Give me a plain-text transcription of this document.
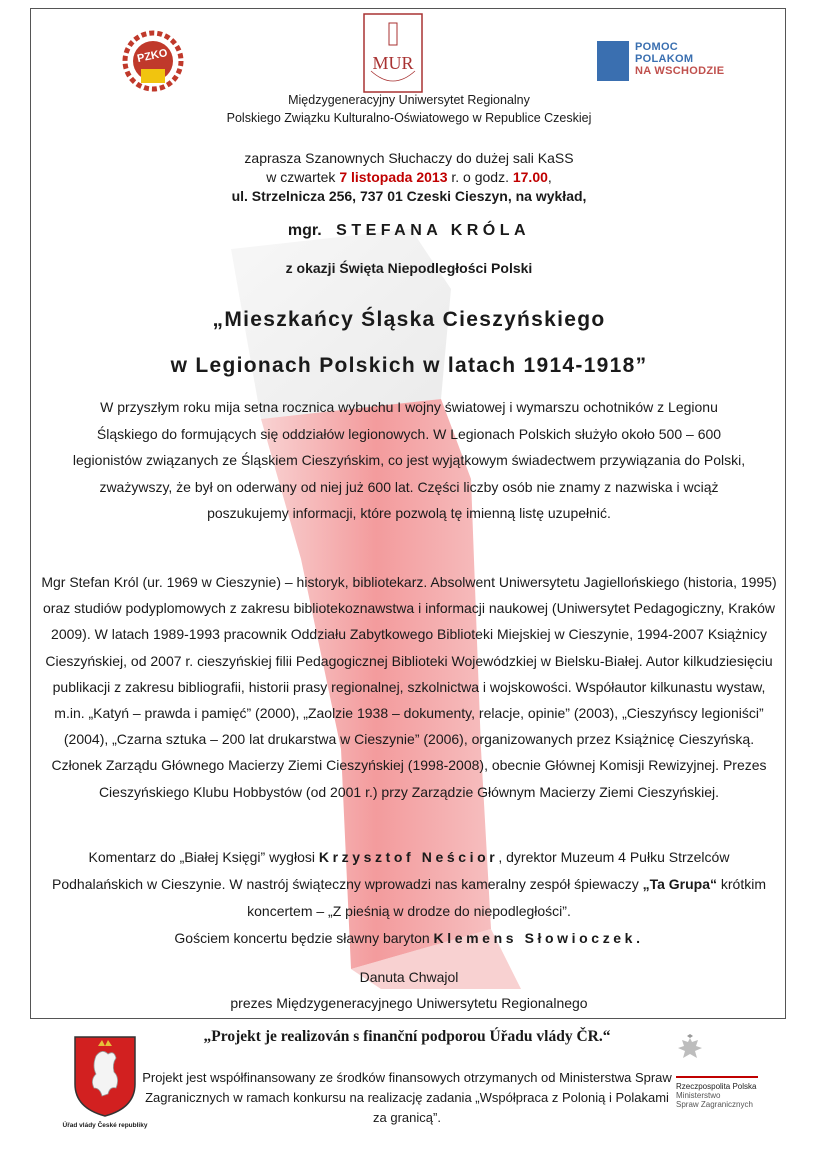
PZKO	MUR
POMOC
POLAKOM
NA WSCHODZIE
Międzygeneracyjny Uniwersytet Regionalny
Polskiego Związku Kulturalno-Oświatowego w Republice Czeskiej
zaprasza Szanownych Słuchaczy do dużej sali KaSS
w czwartek 7 listopada 2013 r. o godz. 17.00,
ul. Strzelnicza 256, 737 01 Czeski Cieszyn, na wykład,
mgr. STEFANA KRÓLA
z okazji Święta Niepodległości Polski
„Mieszkańcy Śląska Cieszyńskiego
w Legionach Polskich w latach 1914-1918”
W przyszłym roku mija setna rocznica wybuchu I wojny światowej i wymarszu ochotników z Legionu Śląskiego do formujących się oddziałów legionowych. W Legionach Polskich służyło około 500 – 600 legionistów związanych ze Śląskiem Cieszyńskim, co jest wyjątkowym świadectwem przywiązania do Polski, zważywszy, że był on oderwany od niej już 600 lat. Części liczby osób nie znamy z nazwiska i wciąż poszukujemy informacji, które pozwolą tę imienną listę uzupełnić.
Mgr Stefan Król (ur. 1969 w Cieszynie) – historyk, bibliotekarz. Absolwent Uniwersytetu Jagiellońskiego (historia, 1995) oraz studiów podyplomowych z zakresu bibliotekoznawstwa i informacji naukowej (Uniwersytet Pedagogiczny, Kraków 2009). W latach 1989-1993 pracownik Oddziału Zabytkowego Biblioteki Miejskiej w Cieszynie, 1994-2007 Książnicy Cieszyńskiej, od 2007 r. cieszyńskiej filii Pedagogicznej Biblioteki Wojewódzkiej w Bielsku-Białej. Autor kilkudziesięciu publikacji z zakresu bibliografii, historii prasy regionalnej, szkolnictwa i wojskowości. Współautor kilkunastu wystaw, m.in. „Katyń – prawda i pamięć” (2000), „Zaolzie 1938 – dokumenty, relacje, opinie” (2003), „Cieszyńscy legioniści” (2004), „Czarna sztuka – 200 lat drukarstwa w Cieszynie” (2006), organizowanych przez Książnicę Cieszyńską. Członek Zarządu Głównego Macierzy Ziemi Cieszyńskiej (1998-2008), obecnie Głównej Komisji Rewizyjnej. Prezes Cieszyńskiego Klubu Hobbystów (od 2001 r.) przy Zarządzie Głównym Macierzy Ziemi Cieszyńskiej.
Komentarz do „Białej Księgi” wygłosi Krzysztof Neścior, dyrektor Muzeum 4 Pułku Strzelców Podhalańskich w Cieszynie. W nastrój świąteczny wprowadzi nas kameralny zespół śpiewaczy „Ta Grupa“ krótkim koncertem – „Z pieśnią w drodze do niepodległości”.
Gościem koncertu będzie sławny baryton Klemens Słowioczek.
Danuta Chwajol
prezes Międzygeneracyjnego Uniwersytetu Regionalnego
„Projekt je realizován s finanční podporou Úřadu vlády ČR.“
Úřad vlády České republiky
Projekt jest współfinansowany ze środków finansowych otrzymanych od Ministerstwa Spraw Zagranicznych w ramach konkursu na realizację zadania „Współpraca z Polonią i Polakami za granicą”.
Rzeczpospolita Polska
Ministerstwo
Spraw Zagranicznych
